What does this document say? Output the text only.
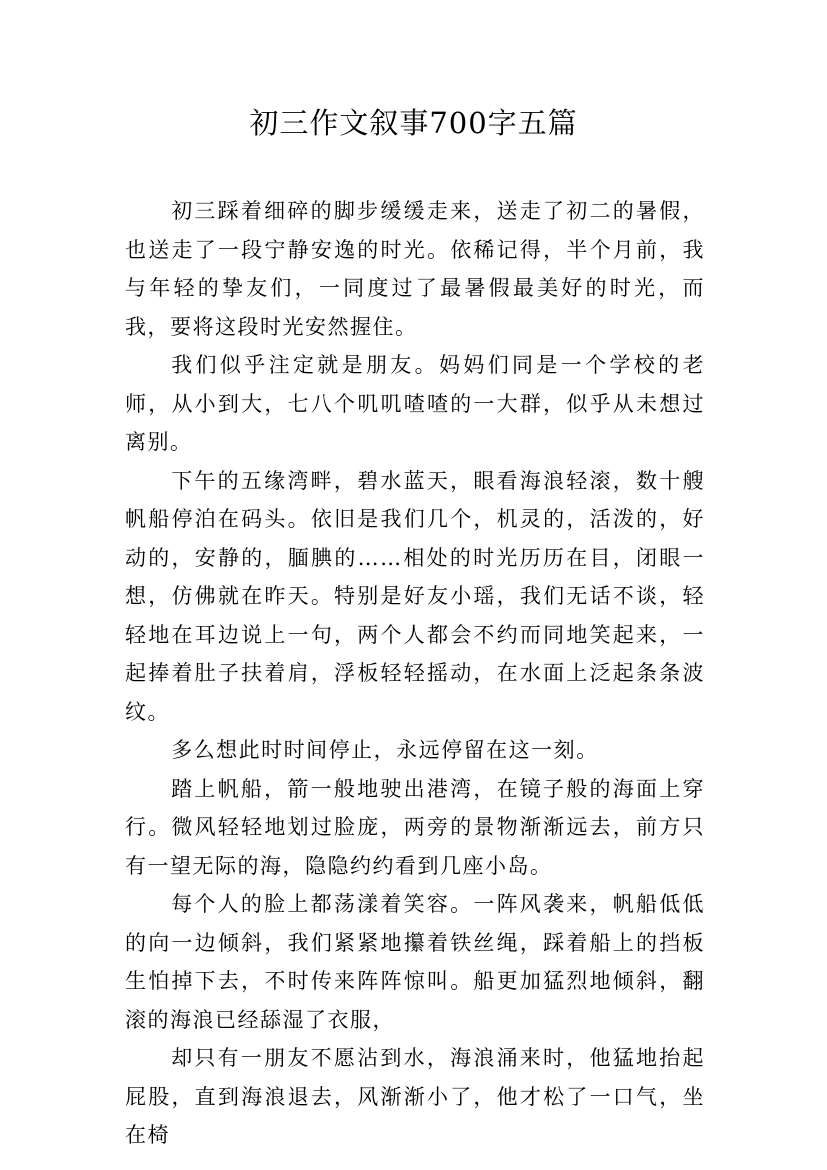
初三作文叙事700字五篇

初三踩着细碎的脚步缓缓走来，送走了初二的暑假，也送走了一段宁静安逸的时光。依稀记得，半个月前，我与年轻的挚友们，一同度过了最暑假最美好的时光，而我，要将这段时光安然握住。

我们似乎注定就是朋友。妈妈们同是一个学校的老师，从小到大，七八个叽叽喳喳的一大群，似乎从未想过离别。

下午的五缘湾畔，碧水蓝天，眼看海浪轻滚，数十艘帆船停泊在码头。依旧是我们几个，机灵的，活泼的，好动的，安静的，腼腆的……相处的时光历历在目，闭眼一想，仿佛就在昨天。特别是好友小瑶，我们无话不谈，轻轻地在耳边说上一句，两个人都会不约而同地笑起来，一起捧着肚子扶着肩，浮板轻轻摇动，在水面上泛起条条波纹。

多么想此时时间停止，永远停留在这一刻。

踏上帆船，箭一般地驶出港湾，在镜子般的海面上穿行。微风轻轻地划过脸庞，两旁的景物渐渐远去，前方只有一望无际的海，隐隐约约看到几座小岛。

每个人的脸上都荡漾着笑容。一阵风袭来，帆船低低的向一边倾斜，我们紧紧地攥着铁丝绳，踩着船上的挡板生怕掉下去，不时传来阵阵惊叫。船更加猛烈地倾斜，翻滚的海浪已经舔湿了衣服，

却只有一朋友不愿沾到水，海浪涌来时，他猛地抬起屁股，直到海浪退去，风渐渐小了，他才松了一口气，坐在椅
